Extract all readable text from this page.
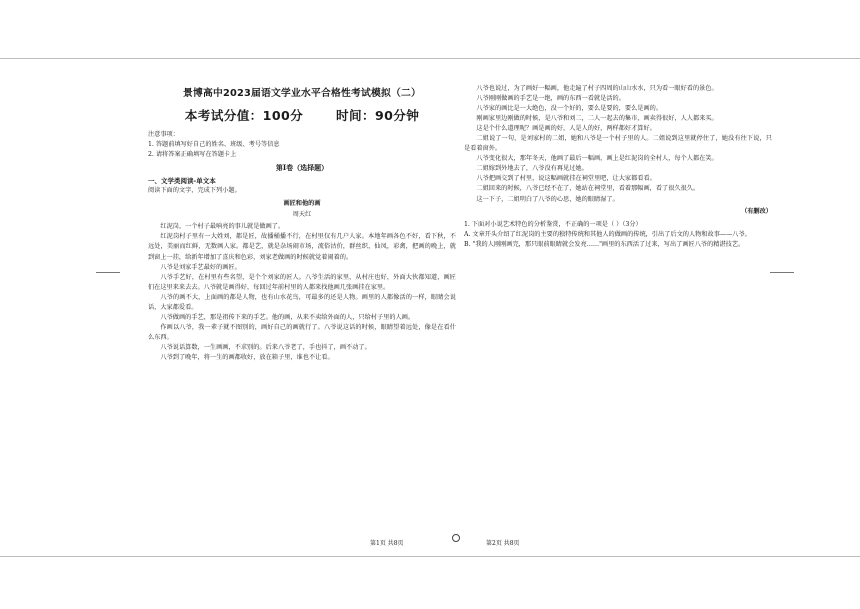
景博高中2023届语文学业水平合格性考试模拟（二）
本考试分值：100分	时间：90分钟
注意事项：
1. 答题前填写好自己的姓名、班级、考号等信息
2. 请将答案正确填写在答题卡上
第Ⅰ卷（选择题）
一、文学类阅读-单文本
阅读下面的文字，完成下列小题。
画匠和他的画
周天红

红泥岗，一个村子最响亮的事儿就是做画了。

红泥岗村子里有一大姓刘，都是匠，故播桶播不行，在村里仅有几户人家。本地年画各色不好，看下秋，不远处，美丽而红鲜，无数画人家。都是艺，就是杂场闹市场，流俗沽价，群丝织，仙凤，彩禽，把画的晚上，就到窗上一挂，给新年增加了喜庆和色彩，刘家老做画的时候就觉着闹着的。

八爷是刘家手艺最好的画匠。

八爷手艺好，在村里有些名望，是个个刘家的匠人。八爷生活的家里，从村庄也好，外面大伙都知道，画匠们在这里来来去去。八爷就是画得好，每回过年前村里的人都来找他画几张画挂在家里。

八爷的画不大，上面画的都是人物，也有山水花鸟，可最多的还是人物。画里的人都像活的一样，眼睛会说话，大家都爱看。

八爷做画的手艺，那是祖传下来的手艺。他的画，从来不卖给外面的人，只给村子里的人画。

作画以八爷，我一辈子就不图别的，画好自己的画就行了。八爷说这话的时候，眼睛望着远处，像是在看什么东西。

八爷说话算数，一生画画，不求别的。后来八爷老了，手也抖了，画不动了。

八爷到了晚年，将一生的画都收好，放在箱子里，谁也不让看。

八爷也说过，为了画好一幅画，他走遍了村子四周的山山水水，只为看一眼好看的景色。

八爷刚刚做画的手艺是一绝，画的东西一看就是活的。

八爷家的画比是一大绝色，没一个好的，要么是要的，要么是画的。

刚画家里边刚做的时候，是八爷和刘二，二人一起去的集市，画卖得很好，人人都来买。

这是个什么道理呢？画是画的好，人是人的好，两样都好才算好。

二姐说了一句，是刘家村的二姐，她和八爷是一个村子里的人。二姐说到这里就停住了，她没有往下说，只是看着窗外。

八爷变化很大，那年冬天，他画了最后一幅画，画上是红泥岗的全村人，每个人都在笑。

二姐嫁到外地去了，八爷没有再见过她。

八爷把画交到了村里，说这幅画就挂在祠堂里吧，让大家都看看。

二姐回来的时候，八爷已经不在了，她站在祠堂里，看着那幅画，看了很久很久。

这一下子，二姐明白了八爷的心思，她的眼睛湿了。

（有删改）

1. 下面对小说艺术特色的分析鉴赏，不正确的一项是（ ）（3分）

A. 文章开头介绍了红泥岗的主要的独特传统和其他人的做画的传统，引出了后文的人物和故事——八爷。
B. "我的人刚刚画完，那只眼前眼睛就会发亮……"画里的东西活了过来，写出了画匠八爷的精湛技艺。
第1页 共8页	第2页 共8页
